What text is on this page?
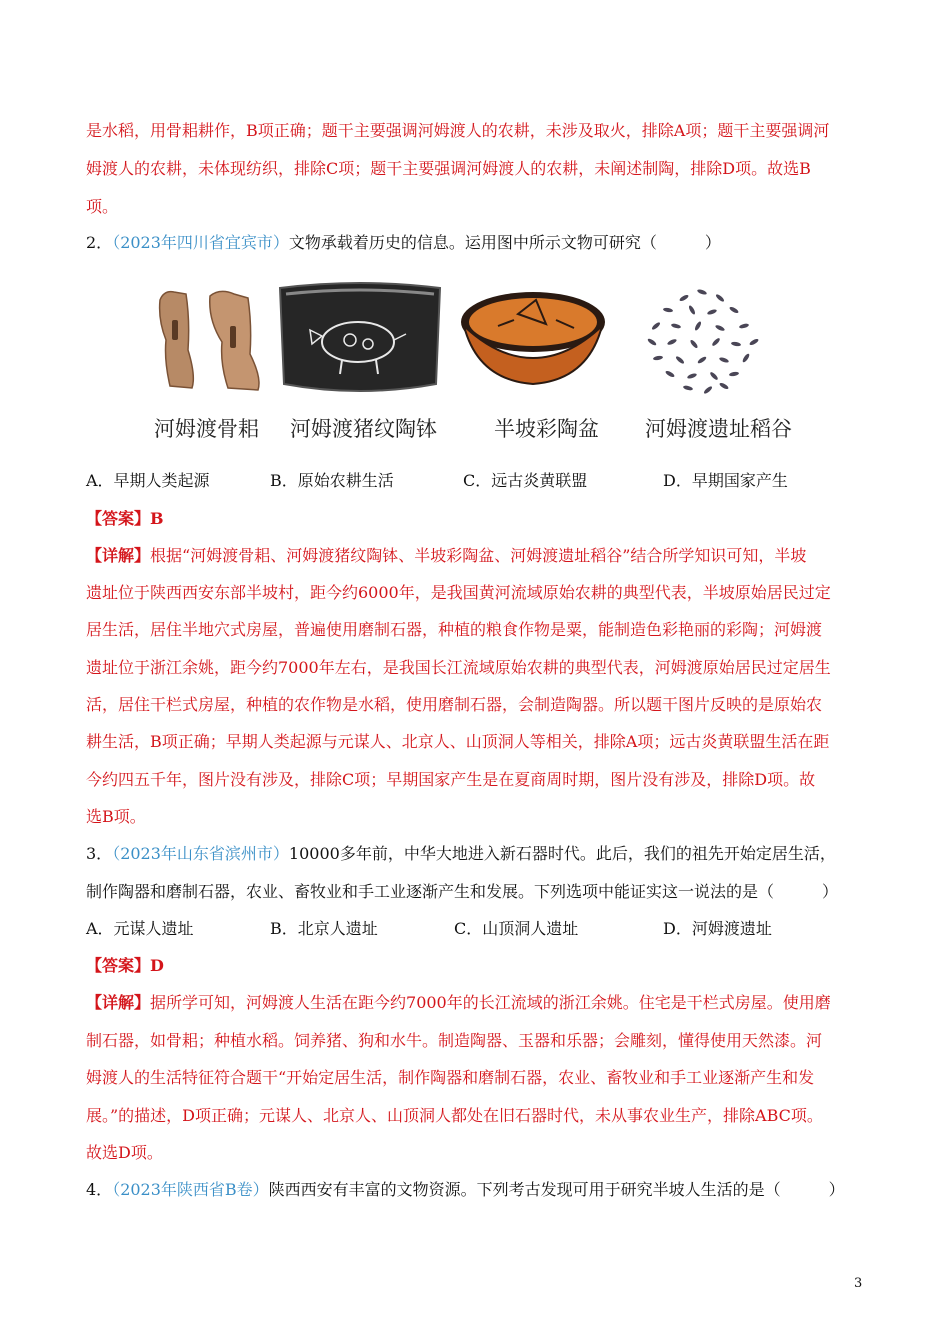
是水稻，用骨耜耕作，B项正确；题干主要强调河姆渡人的农耕，未涉及取火，排除A项；题干主要强调河
姆渡人的农耕，未体现纺织，排除C项；题干主要强调河姆渡人的农耕，未阐述制陶，排除D项。故选B
项。
2．（2023年四川省宜宾市）文物承载着历史的信息。运用图中所示文物可研究（　　　）
河姆渡骨耜 河姆渡猪纹陶钵	半坡彩陶盆 河姆渡遗址稻谷
A．早期人类起源	B．原始农耕生活	C．远古炎黄联盟	D．早期国家产生
【答案】B
【详解】根据“河姆渡骨耜、河姆渡猪纹陶钵、半坡彩陶盆、河姆渡遗址稻谷”结合所学知识可知，半坡
遗址位于陕西西安东部半坡村，距今约6000年，是我国黄河流域原始农耕的典型代表，半坡原始居民过定
居生活，居住半地穴式房屋，普遍使用磨制石器，种植的粮食作物是粟，能制造色彩艳丽的彩陶；河姆渡
遗址位于浙江余姚，距今约7000年左右，是我国长江流域原始农耕的典型代表，河姆渡原始居民过定居生
活，居住干栏式房屋，种植的农作物是水稻，使用磨制石器，会制造陶器。所以题干图片反映的是原始农
耕生活，B项正确；早期人类起源与元谋人、北京人、山顶洞人等相关，排除A项；远古炎黄联盟生活在距
今约四五千年，图片没有涉及，排除C项；早期国家产生是在夏商周时期，图片没有涉及，排除D项。故
选B项。
3．（2023年山东省滨州市）10000多年前，中华大地进入新石器时代。此后，我们的祖先开始定居生活，
制作陶器和磨制石器，农业、畜牧业和手工业逐渐产生和发展。下列选项中能证实这一说法的是（　　　）
A．元谋人遗址	B．北京人遗址	C．山顶洞人遗址	D．河姆渡遗址
【答案】D
【详解】据所学可知，河姆渡人生活在距今约7000年的长江流域的浙江余姚。住宅是干栏式房屋。使用磨
制石器，如骨耜；种植水稻。饲养猪、狗和水牛。制造陶器、玉器和乐器；会雕刻，懂得使用天然漆。河
姆渡人的生活特征符合题干“开始定居生活，制作陶器和磨制石器，农业、畜牧业和手工业逐渐产生和发
展。”的描述，D项正确；元谋人、北京人、山顶洞人都处在旧石器时代，未从事农业生产，排除ABC项。
故选D项。
4．（2023年陕西省B卷）陕西西安有丰富的文物资源。下列考古发现可用于研究半坡人生活的是（　　　）
3
